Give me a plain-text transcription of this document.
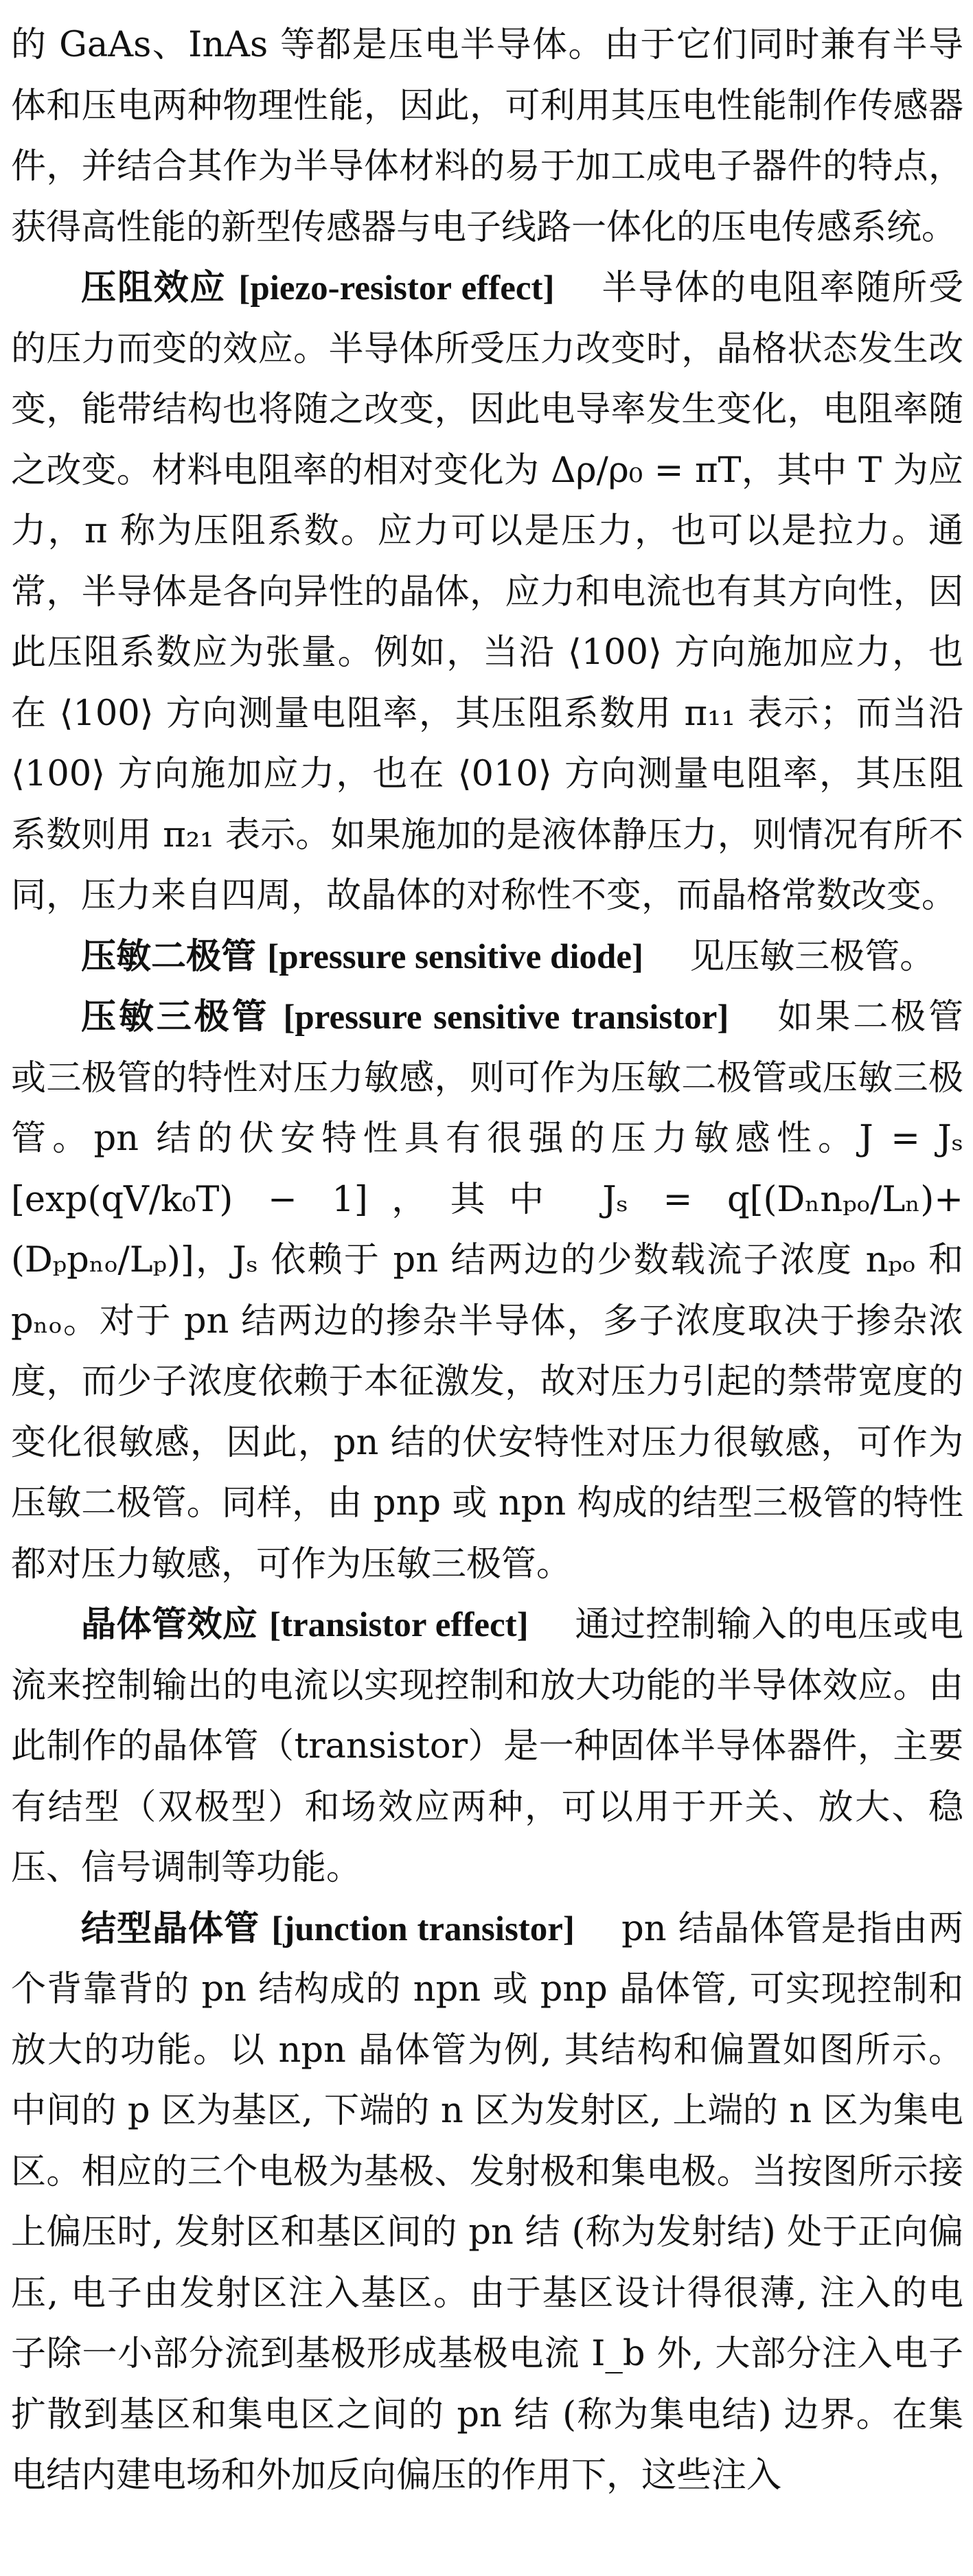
的 GaAs、InAs 等都是压电半导体。由于它们同时兼有半导体和压电两种物理性能，因此，可利用其压电性能制作传感器件，并结合其作为半导体材料的易于加工成电子器件的特点，获得高性能的新型传感器与电子线路一体化的压电传感系统。

压阻效应 [piezo-resistor effect] 半导体的电阻率随所受的压力而变的效应。半导体所受压力改变时，晶格状态发生改变，能带结构也将随之改变，因此电导率发生变化，电阻率随之改变。材料电阻率的相对变化为 Δρ/ρ₀ = πT，其中 T 为应力，π 称为压阻系数。应力可以是压力，也可以是拉力。通常，半导体是各向异性的晶体，应力和电流也有其方向性，因此压阻系数应为张量。例如，当沿 ⟨100⟩ 方向施加应力，也在 ⟨100⟩ 方向测量电阻率，其压阻系数用 π₁₁ 表示；而当沿 ⟨100⟩ 方向施加应力，也在 ⟨010⟩ 方向测量电阻率，其压阻系数则用 π₂₁ 表示。如果施加的是液体静压力，则情况有所不同，压力来自四周，故晶体的对称性不变，而晶格常数改变。

压敏二极管 [pressure sensitive diode] 见压敏三极管。

压敏三极管 [pressure sensitive transistor] 如果二极管或三极管的特性对压力敏感，则可作为压敏二极管或压敏三极管。pn 结的伏安特性具有很强的压力敏感性。J = Jₛ [exp(qV/k₀T) − 1]，其中 Jₛ = q[(Dₙnₚₒ/Lₙ)+(Dₚpₙₒ/Lₚ)]，Jₛ 依赖于 pn 结两边的少数载流子浓度 nₚₒ 和 pₙₒ。对于 pn 结两边的掺杂半导体，多子浓度取决于掺杂浓度，而少子浓度依赖于本征激发，故对压力引起的禁带宽度的变化很敏感，因此，pn 结的伏安特性对压力很敏感，可作为压敏二极管。同样，由 pnp 或 npn 构成的结型三极管的特性都对压力敏感，可作为压敏三极管。

晶体管效应 [transistor effect] 通过控制输入的电压或电流来控制输出的电流以实现控制和放大功能的半导体效应。由此制作的晶体管（transistor）是一种固体半导体器件，主要有结型（双极型）和场效应两种，可以用于开关、放大、稳压、信号调制等功能。

结型晶体管 [junction transistor] pn 结晶体管是指由两个背靠背的 pn 结构成的 npn 或 pnp 晶体管, 可实现控制和放大的功能。以 npn 晶体管为例, 其结构和偏置如图所示。中间的 p 区为基区, 下端的 n 区为发射区, 上端的 n 区为集电区。相应的三个电极为基极、发射极和集电极。当按图所示接上偏压时, 发射区和基区间的 pn 结 (称为发射结) 处于正向偏压, 电子由发射区注入基区。由于基区设计得很薄, 注入的电子除一小部分流到基极形成基极电流 I_b 外, 大部分注入电子扩散到基区和集电区之间的 pn 结 (称为集电结) 边界。在集电结内建电场和外加反向偏压的作用下，这些注入
